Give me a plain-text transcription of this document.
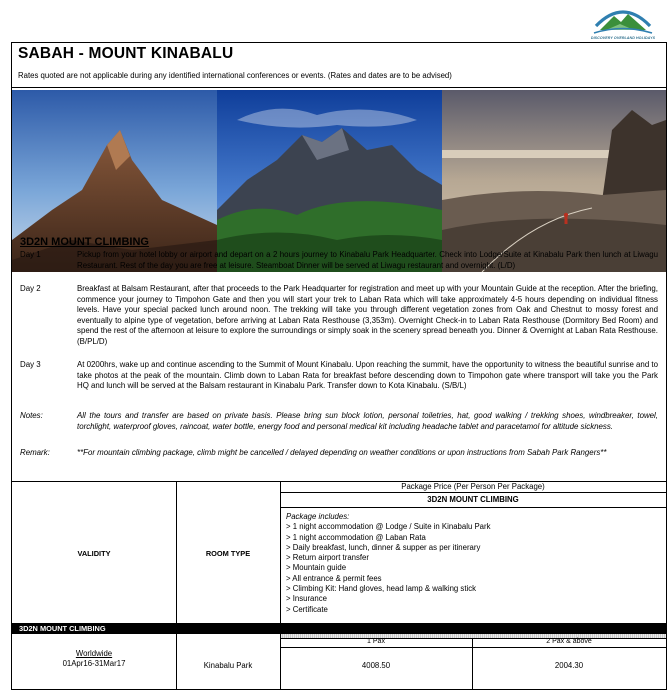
DISCOVERY OVERLAND HOLIDAYS
SABAH - MOUNT KINABALU
Rates quoted are not applicable during any identified international conferences or events. (Rates and dates are to be advised)
3D2N MOUNT CLIMBING
Day 1	Pickup from your hotel lobby or airport and depart on a 2 hours journey to Kinabalu Park Headquarter. Check into Lodge/Suite at Kinabalu Park then lunch at Liwagu Restaurant. Rest of the day you are free at leisure. Steamboat Dinner will be served at Liwagu restaurant and overnight. (L/D)
Day 2	Breakfast at Balsam Restaurant, after that proceeds to the Park Headquarter for registration and meet up with your Mountain Guide at the reception. After the briefing, commence your journey to Timpohon Gate and then you will start your trek to Laban Rata which will take approximately 4-5 hours depending on individual fitness levels. Have your special packed lunch around noon. The trekking will take you through different vegetation zones from Oak and Chestnut to mossy forest and eventually to alpine type of vegetation, before arriving at Laban Rata Resthouse (3,353m). Overnight Check-in to Laban Rata Resthouse (Dormitory Bed Room) and spend the rest of the afternoon at leisure to explore the surroundings or simply soak in the scenery spread beneath you. Dinner & Overnight at Laban Rata Resthouse. (B/PL/D)
Day 3	At 0200hrs, wake up and continue ascending to the Summit of Mount Kinabalu. Upon reaching the summit, have the opportunity to witness the beautiful sunrise and to take photos at the peak of the mountain. Climb down to Laban Rata for breakfast before descending down to Timpohon gate where transport will take you the Park HQ and lunch will be served at the Balsam restaurant in Kinabalu Park. Transfer down to Kota Kinabalu. (S/B/L)
Notes:	All the tours and transfer are based on private basis. Please bring sun block lotion, personal toiletries, hat, good walking / trekking shoes, windbreaker, towel, torchlight, waterproof gloves, raincoat, water bottle, energy food and personal medical kit including headache tablet and paracetamol for altitude sickness.
Remark:	**For mountain climbing package, climb might be cancelled / delayed depending on weather conditions or upon instructions from Sabah Park Rangers**
Package Price (Per Person Per Package)
3D2N MOUNT CLIMBING
VALIDITY	ROOM TYPE
Package includes:
> 1 night accommodation @ Lodge / Suite in Kinabalu Park
> 1 night accommodation @ Laban Rata
> Daily breakfast, lunch, dinner & supper as per itinerary
> Return airport transfer
> Mountain guide
> All entrance & permit fees
> Climbing Kit: Hand gloves, head lamp & walking stick
> Insurance
> Certificate
3D2N MOUNT CLIMBING
1 Pax	2 Pax & above
Worldwide
01Apr16-31Mar17	Kinabalu Park	4008.50	2004.30
